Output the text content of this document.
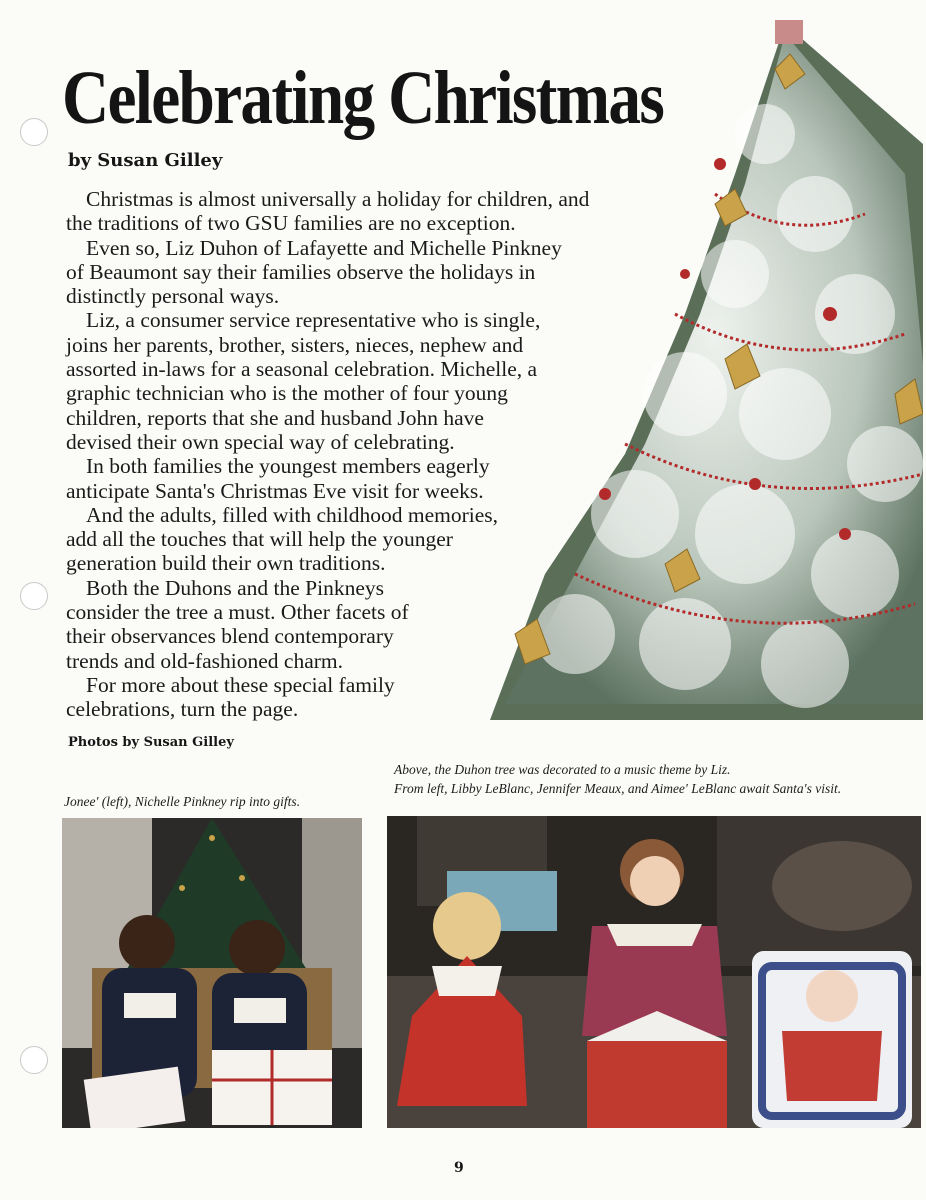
Celebrating Christmas
by Susan Gilley
Christmas is almost universally a holiday for children, and
the traditions of two GSU families are no exception.
Even so, Liz Duhon of Lafayette and Michelle Pinkney
of Beaumont say their families observe the holidays in
distinctly personal ways.
Liz, a consumer service representative who is single,
joins her parents, brother, sisters, nieces, nephew and
assorted in-laws for a seasonal celebration. Michelle, a
graphic technician who is the mother of four young
children, reports that she and husband John have
devised their own special way of celebrating.
In both families the youngest members eagerly
anticipate Santa's Christmas Eve visit for weeks.
And the adults, filled with childhood memories,
add all the touches that will help the younger
generation build their own traditions.
Both the Duhons and the Pinkneys
consider the tree a must. Other facets of
their observances blend contemporary
trends and old-fashioned charm.
For more about these special family
celebrations, turn the page.
Photos by Susan Gilley
Above, the Duhon tree was decorated to a music theme by Liz.
From left, Libby LeBlanc, Jennifer Meaux, and Aimee' LeBlanc await Santa's visit.
Jonee' (left), Nichelle Pinkney rip into gifts.
9
